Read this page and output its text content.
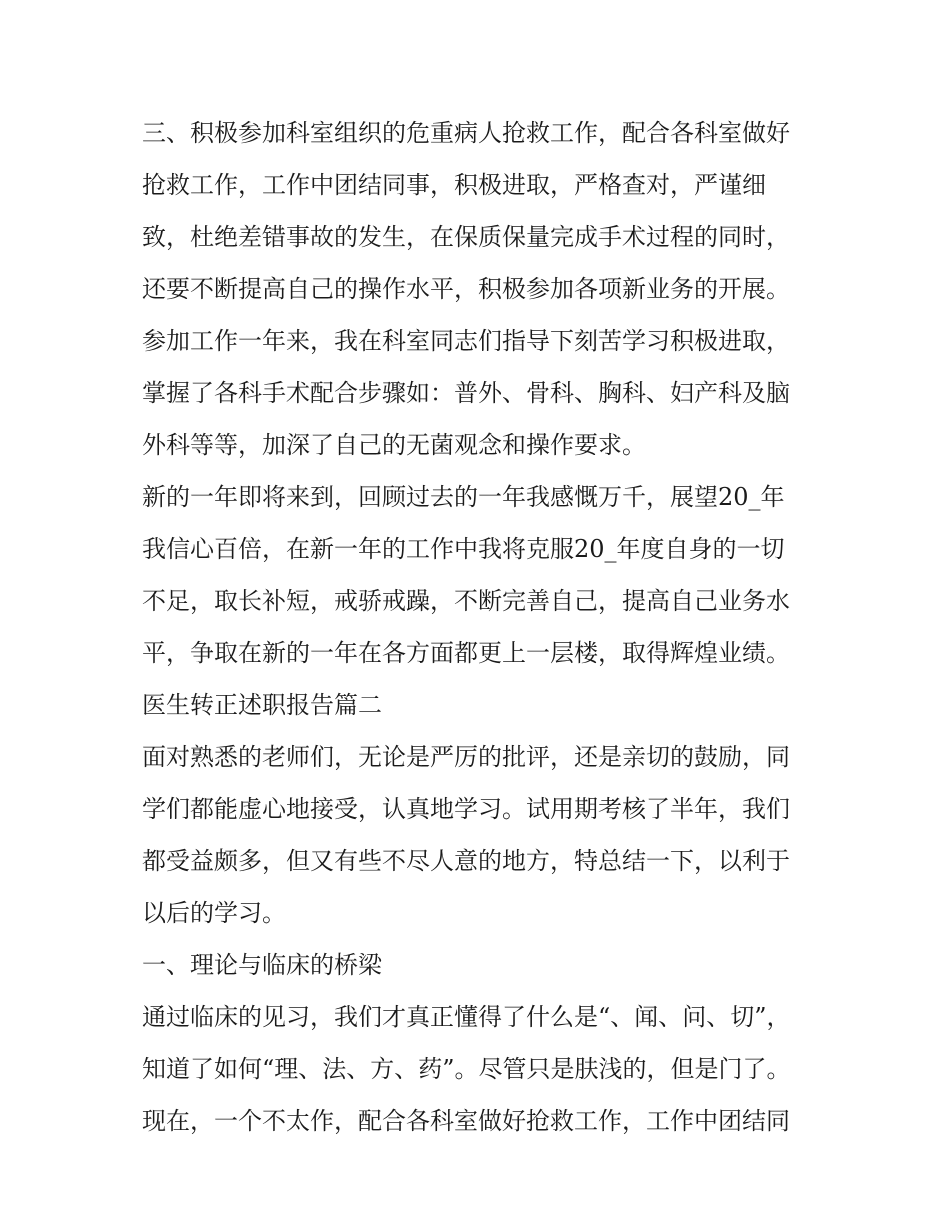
三、积极参加科室组织的危重病人抢救工作，配合各科室做好
抢救工作，工作中团结同事，积极进取，严格查对，严谨细
致，杜绝差错事故的发生，在保质保量完成手术过程的同时，
还要不断提高自己的操作水平，积极参加各项新业务的开展。
参加工作一年来，我在科室同志们指导下刻苦学习积极进取，
掌握了各科手术配合步骤如：普外、骨科、胸科、妇产科及脑
外科等等，加深了自己的无菌观念和操作要求。
新的一年即将来到，回顾过去的一年我感慨万千，展望20_年
我信心百倍，在新一年的工作中我将克服20_年度自身的一切
不足，取长补短，戒骄戒躁，不断完善自己，提高自己业务水
平，争取在新的一年在各方面都更上一层楼，取得辉煌业绩。
医生转正述职报告篇二
面对熟悉的老师们，无论是严厉的批评，还是亲切的鼓励，同
学们都能虚心地接受，认真地学习。试用期考核了半年，我们
都受益颇多，但又有些不尽人意的地方，特总结一下，以利于
以后的学习。
一、理论与临床的桥梁
通过临床的见习，我们才真正懂得了什么是“、闻、问、切”，
知道了如何“理、法、方、药”。尽管只是肤浅的，但是门了。
现在，一个不太作，配合各科室做好抢救工作，工作中团结同
